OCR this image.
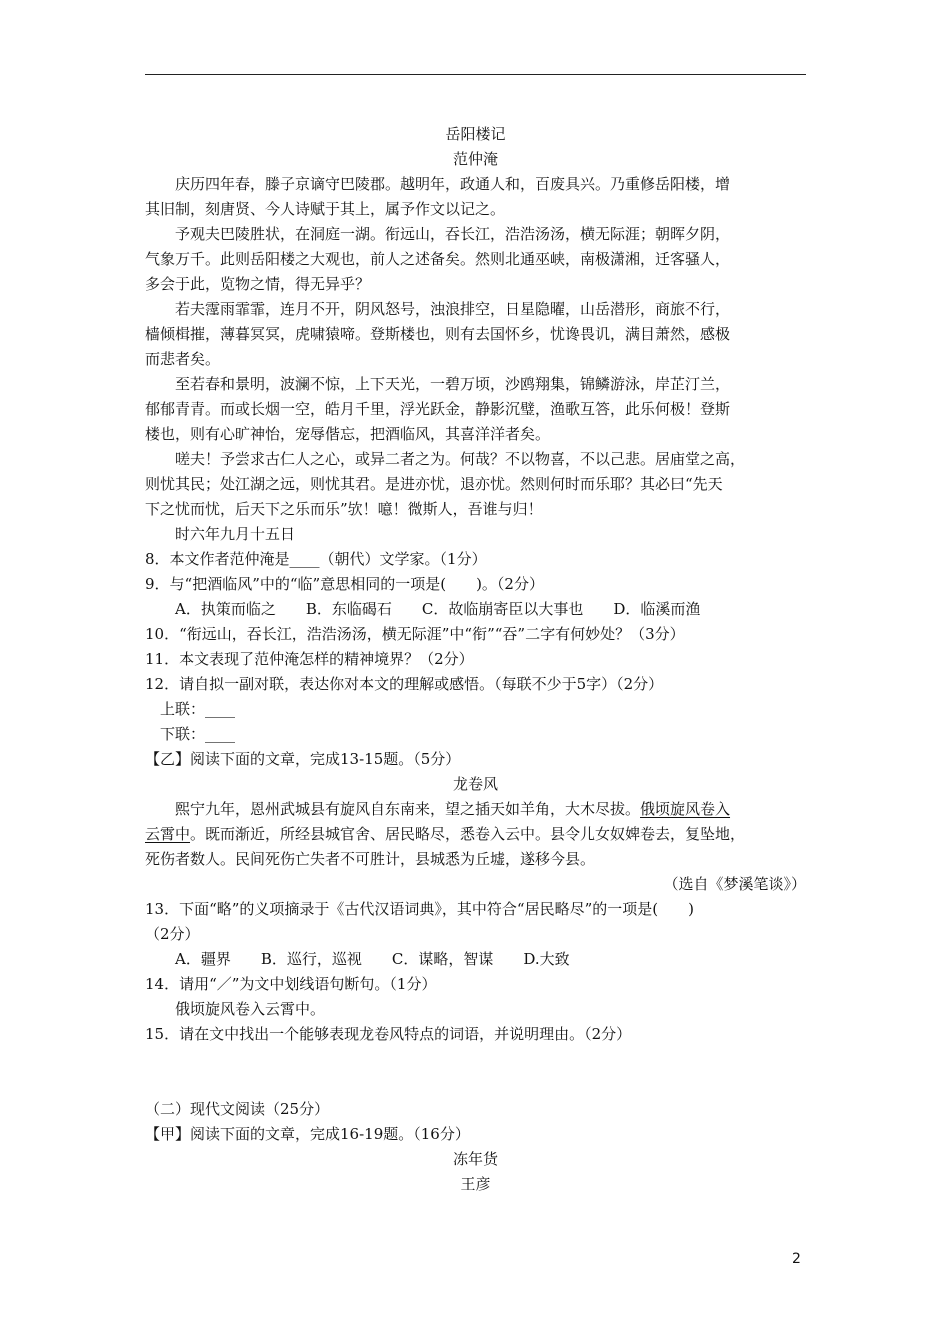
岳阳楼记
范仲淹
　　庆历四年春，滕子京谪守巴陵郡。越明年，政通人和，百废具兴。乃重修岳阳楼，增
其旧制，刻唐贤、今人诗赋于其上，属予作文以记之。
　　予观夫巴陵胜状，在洞庭一湖。衔远山，吞长江，浩浩汤汤，横无际涯；朝晖夕阴，
气象万千。此则岳阳楼之大观也，前人之述备矣。然则北通巫峡，南极潇湘，迁客骚人，
多会于此，览物之情，得无异乎？
　　若夫霪雨霏霏，连月不开，阴风怒号，浊浪排空，日星隐曜，山岳潜形，商旅不行，
樯倾楫摧，薄暮冥冥，虎啸猿啼。登斯楼也，则有去国怀乡，忧谗畏讥，满目萧然，感极
而悲者矣。
　　至若春和景明，波澜不惊，上下天光，一碧万顷，沙鸥翔集，锦鳞游泳，岸芷汀兰，
郁郁青青。而或长烟一空，皓月千里，浮光跃金，静影沉璧，渔歌互答，此乐何极！登斯
楼也，则有心旷神怡，宠辱偕忘，把酒临风，其喜洋洋者矣。
　　嗟夫！予尝求古仁人之心，或异二者之为。何哉？不以物喜，不以己悲。居庙堂之高，
则忧其民；处江湖之远，则忧其君。是进亦忧，退亦忧。然则何时而乐耶？其必曰“先天
下之忧而忧，后天下之乐而乐”欤！噫！微斯人，吾谁与归！
　　时六年九月十五日
8．本文作者范仲淹是____（朝代）文学家。（1分）
9．与“把酒临风”中的“临”意思相同的一项是(　　)。（2分）
　　A．执策而临之　　B．东临碣石　　C．故临崩寄臣以大事也　　D．临溪而渔
10．“衔远山，吞长江，浩浩汤汤，横无际涯”中“衔”“吞”二字有何妙处？（3分）
11．本文表现了范仲淹怎样的精神境界？（2分）
12．请自拟一副对联，表达你对本文的理解或感悟。（每联不少于5字）（2分）
　上联：____
　下联：____
【乙】阅读下面的文章，完成13-15题。（5分）
龙卷风
　　熙宁九年，恩州武城县有旋风自东南来，望之插天如羊角，大木尽拔。俄顷旋风卷入
云霄中。既而渐近，所经县城官舍、居民略尽，悉卷入云中。县令儿女奴婢卷去，复坠地，
死伤者数人。民间死伤亡失者不可胜计，县城悉为丘墟，遂移今县。
（选自《梦溪笔谈》）
13．下面“略”的义项摘录于《古代汉语词典》，其中符合“居民略尽”的一项是(　　)
（2分）
　　A．疆界　　B．巡行，巡视　　C．谋略，智谋　　D.大致
14．请用“／”为文中划线语句断句。（1分）
　　俄顷旋风卷入云霄中。
15．请在文中找出一个能够表现龙卷风特点的词语，并说明理由。（2分）
（二）现代文阅读（25分）
【甲】阅读下面的文章，完成16-19题。（16分）
冻年货
王彦
2
